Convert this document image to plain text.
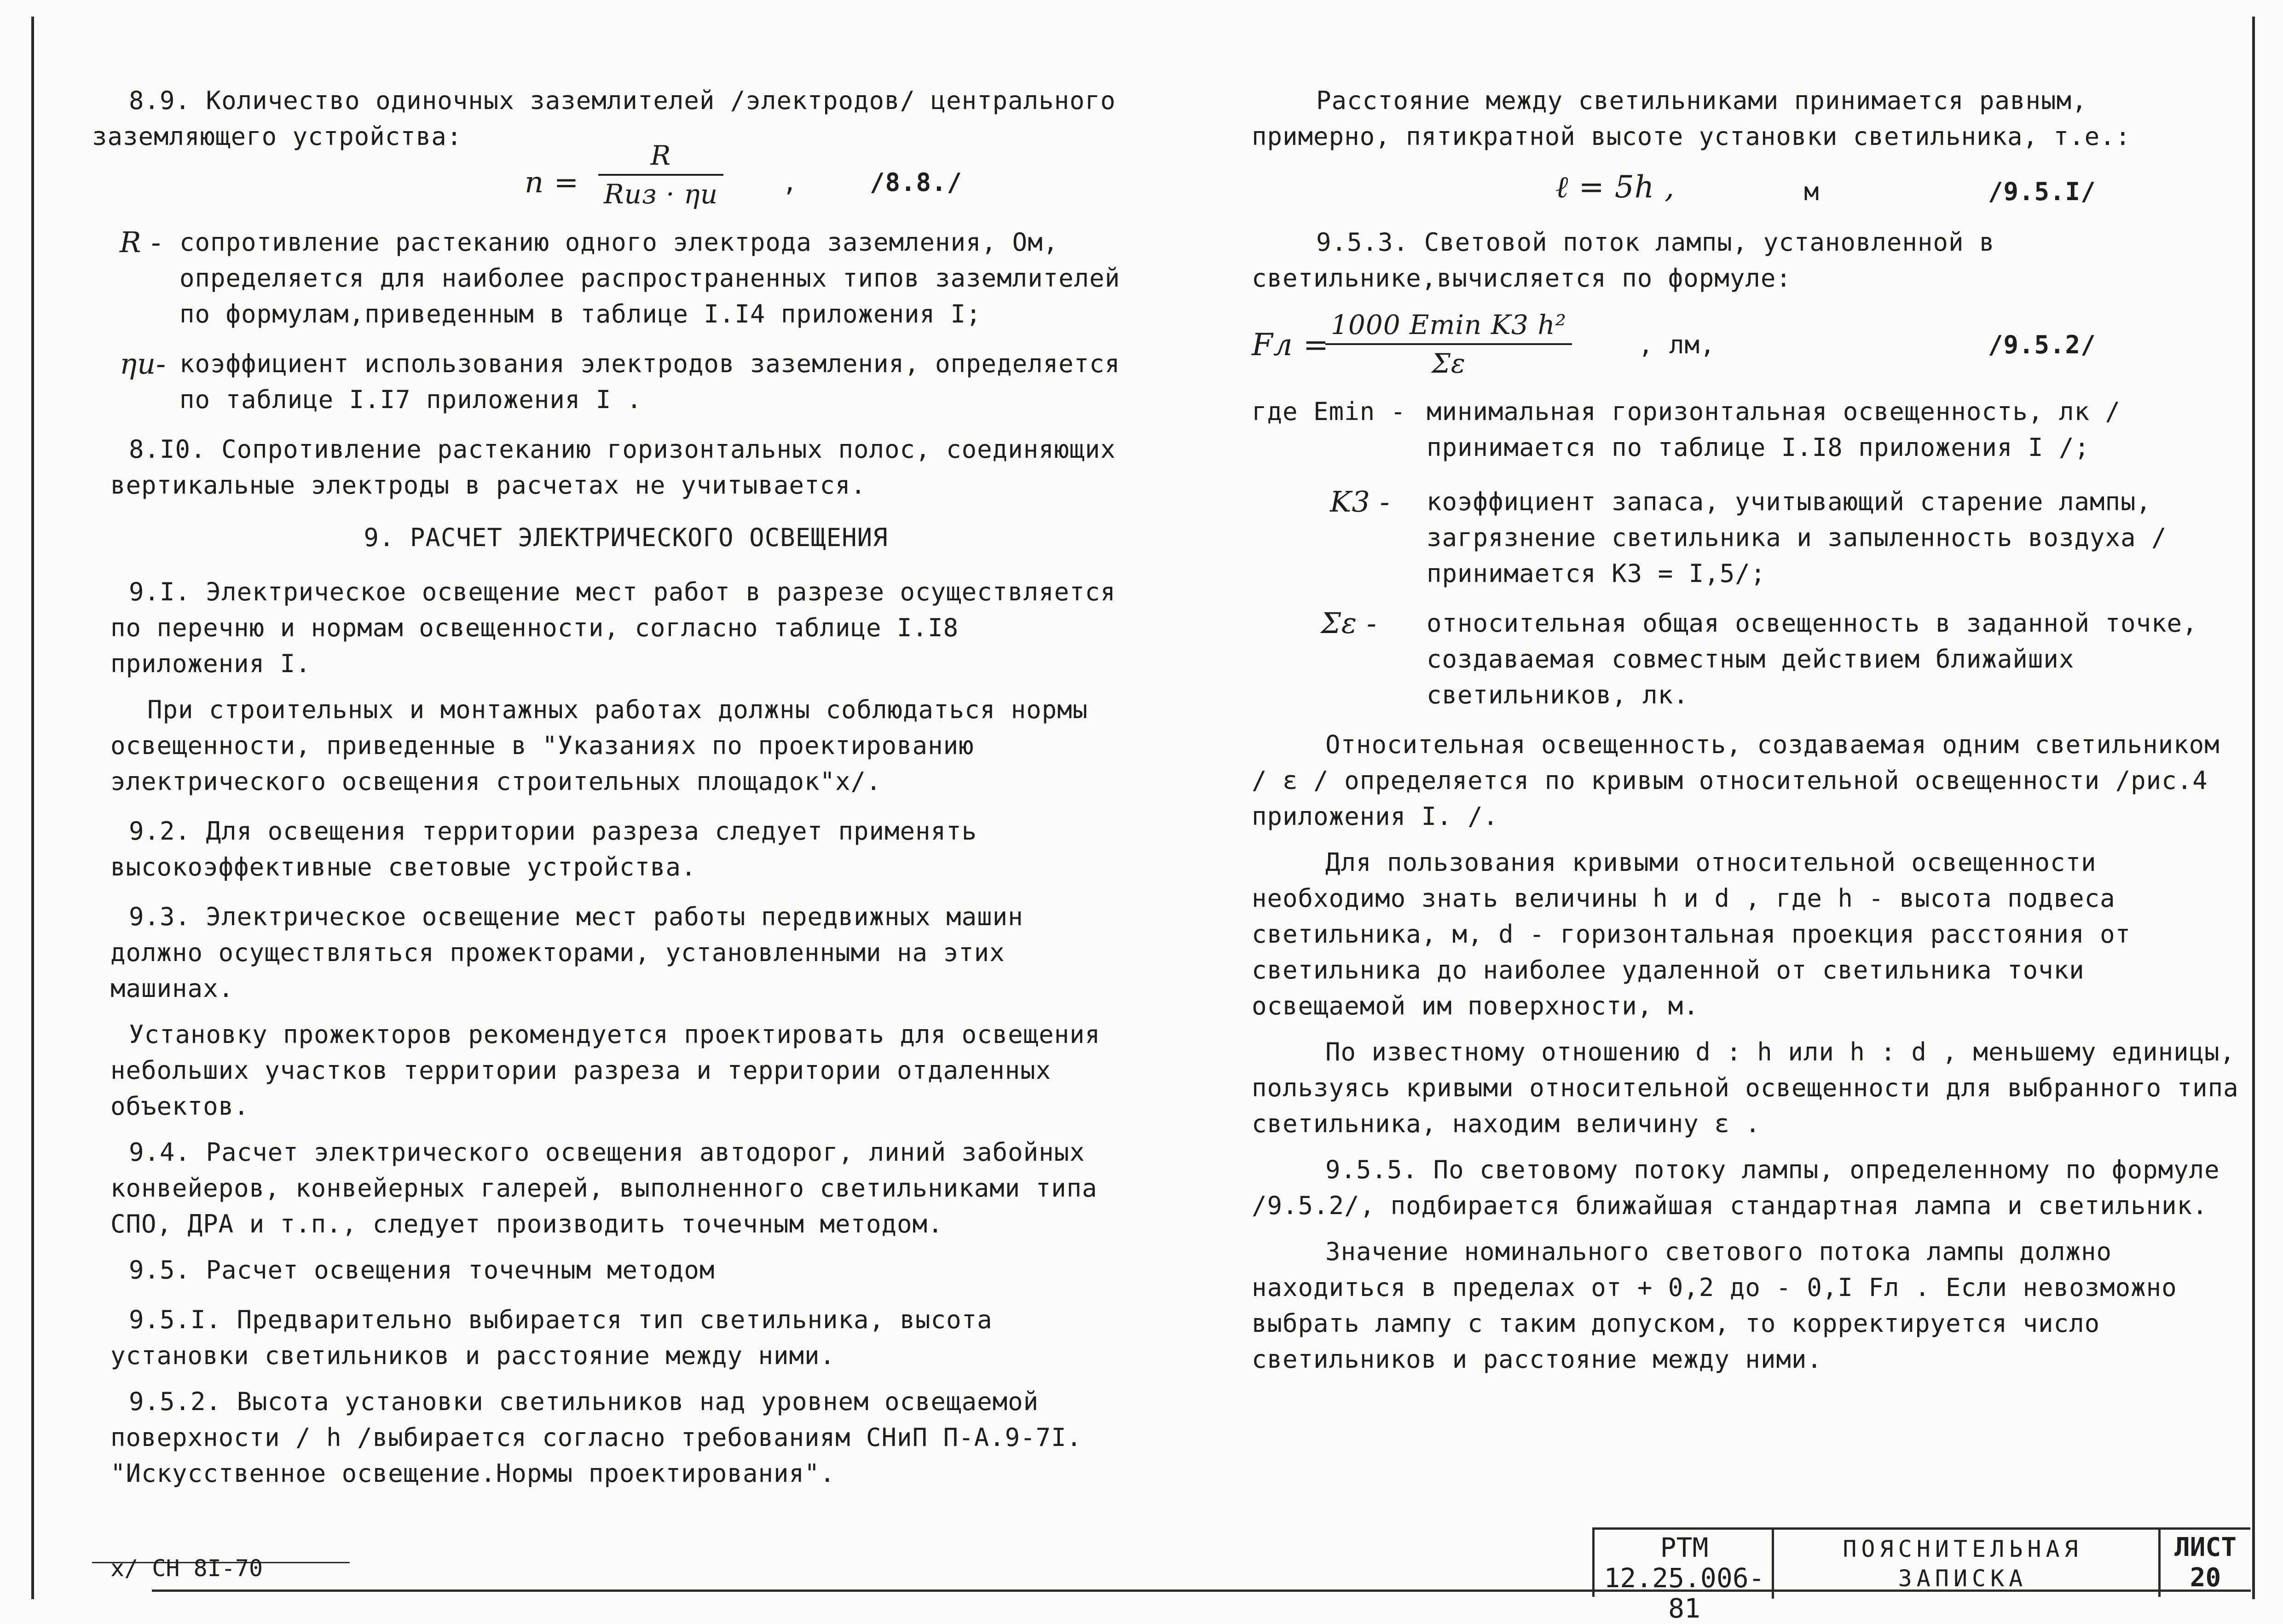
8.9. Количество одиночных заземлителей /электродов/ центрального
заземляющего устройства:

n =
R
Rиз · ηи	,	/8.8./
R - сопротивление растеканию одного электрода заземления, Ом, определяется для наиболее распространенных типов заземлителей по формулам,приведенным в таблице I.I4 приложения I;
ηи- коэффициент использования электродов заземления, определяется по таблице I.I7 приложения I .

8.I0. Сопротивление растеканию горизонтальных полос, соединяющих вертикальные электроды в расчетах не учитывается.

9. РАСЧЕТ ЭЛЕКТРИЧЕСКОГО ОСВЕЩЕНИЯ

9.I. Электрическое освещение мест работ в разрезе осуществляется по перечню и нормам освещенности, согласно таблице I.I8 приложения I.

При строительных и монтажных работах должны соблюдаться нормы освещенности, приведенные в "Указаниях по проектированию электрического освещения строительных площадок"x/.

9.2. Для освещения территории разреза следует применять высокоэффективные световые устройства.

9.3. Электрическое освещение мест работы передвижных машин должно осуществляться прожекторами, установленными на этих машинах.

Установку прожекторов рекомендуется проектировать для освещения небольших участков территории разреза и территории отдаленных объектов.

9.4. Расчет электрического освещения автодорог, линий забойных конвейеров, конвейерных галерей, выполненного светильниками типа СПО, ДРА и т.п., следует производить точечным методом.

9.5. Расчет освещения точечным методом

9.5.I. Предварительно выбирается тип светильника, высота установки светильников и расстояние между ними.

9.5.2. Высота установки светильников над уровнем освещаемой поверхности / h /выбирается согласно требованиям СНиП П-А.9-7I. "Искусственное освещение.Нормы проектирования".

x/ СН 8I-70

Расстояние между светильниками принимается равным, примерно, пятикратной высоте установки светильника, т.е.:

ℓ = 5h ,	м	/9.5.I/

9.5.3. Световой поток лампы, установленной в светильнике,вычисляется по формуле:

Fл =
1000 Emin K3 h²
Σε
, лм,	/9.5.2/
где Emin - минимальная горизонтальная освещенность, лк /принимается по таблице I.I8 приложения I /;
K3 - коэффициент запаса, учитывающий старение лампы, загрязнение светильника и запыленность воздуха /принимается K3 = I,5/;
Σε - относительная общая освещенность в заданной точке, создаваемая совместным действием ближайших светильников, лк.

Относительная освещенность, создаваемая одним светильником / ε / определяется по кривым относительной освещенности /рис.4 приложения I. /.

Для пользования кривыми относительной освещенности необходимо знать величины h и d , где h - высота подвеса светильника, м, d - горизонтальная проекция расстояния от светильника до наиболее удаленной от светильника точки освещаемой им поверхности, м.

По известному отношению d : h или h : d , меньшему единицы, пользуясь кривыми относительной освещенности для выбранного типа светильника, находим величину ε .

9.5.5. По световому потоку лампы, определенному по формуле /9.5.2/, подбирается ближайшая стандартная лампа и светильник.

Значение номинального светового потока лампы должно находиться в пределах от + 0,2 до - 0,I Fл . Если невозможно выбрать лампу с таким допуском, то корректируется число светильников и расстояние между ними.

РТМ
12.25.006-81
ПОЯСНИТЕЛЬНАЯ
ЗАПИСКА
ЛИСТ
20
